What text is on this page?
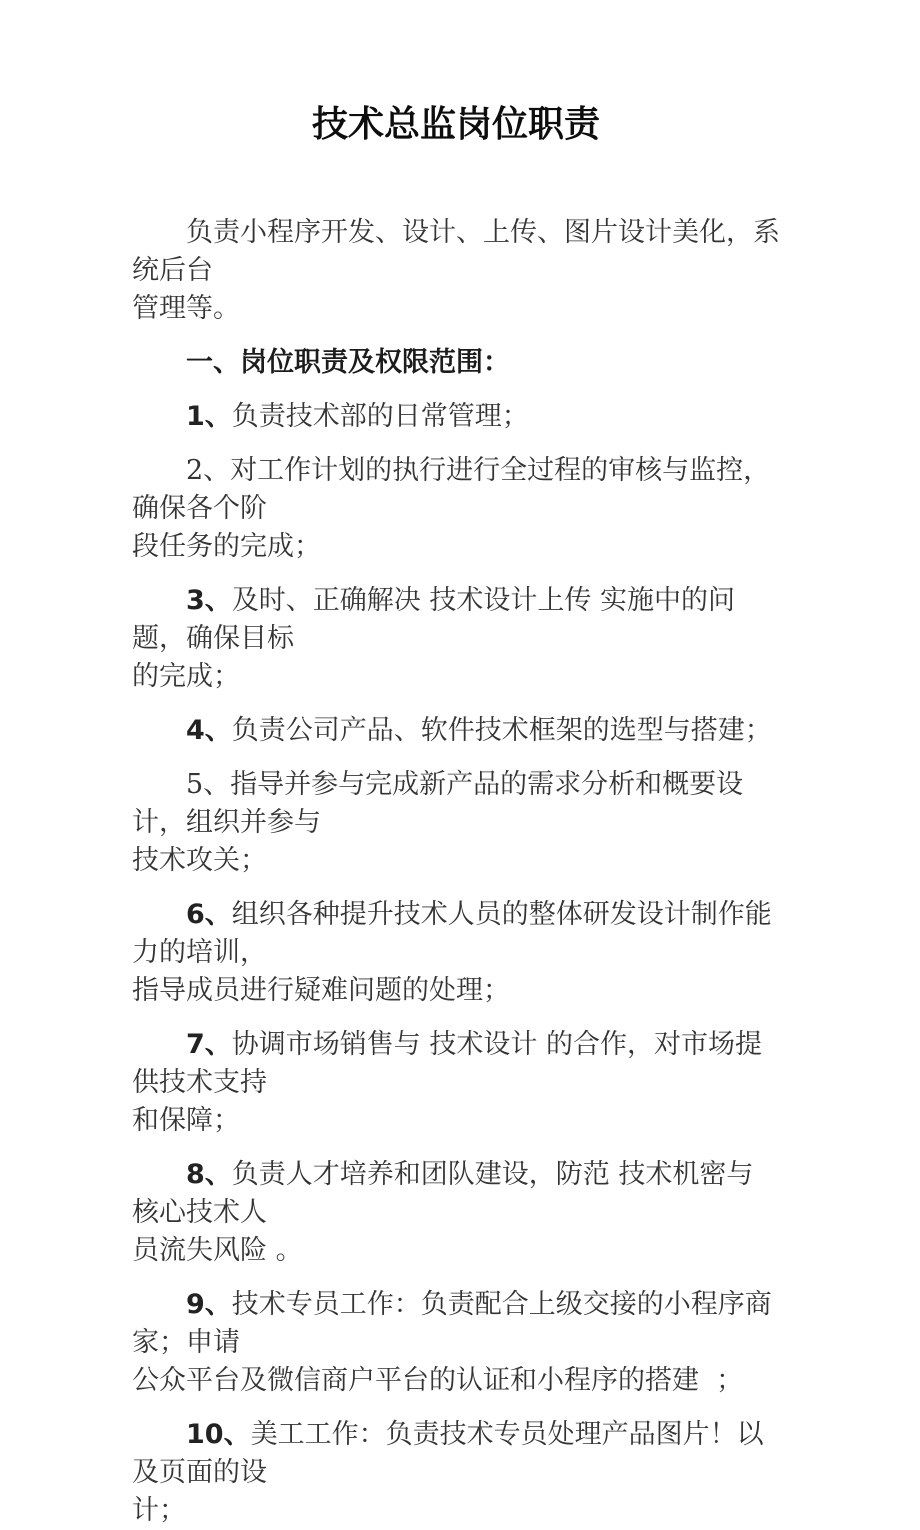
技术总监岗位职责

负责小程序开发、设计、上传、图片设计美化，系统后台
管理等。

一、岗位职责及权限范围：

1、负责技术部的日常管理；

2、对工作计划的执行进行全过程的审核与监控，确保各个阶
段任务的完成；

3、及时、正确解决 技术设计上传 实施中的问题，确保目标
的完成；

4、负责公司产品、软件技术框架的选型与搭建；

5、指导并参与完成新产品的需求分析和概要设计，组织并参与
技术攻关；

6、组织各种提升技术人员的整体研发设计制作能力的培训，
指导成员进行疑难问题的处理；

7、协调市场销售与 技术设计 的合作，对市场提供技术支持
和保障；

8、负责人才培养和团队建设，防范 技术机密与 核心技术人
员流失风险 。

9、技术专员工作：负责配合上级交接的小程序商家；申请
公众平台及微信商户平台的认证和小程序的搭建  ；

10、美工工作：负责技术专员处理产品图片！以及页面的设
计；
